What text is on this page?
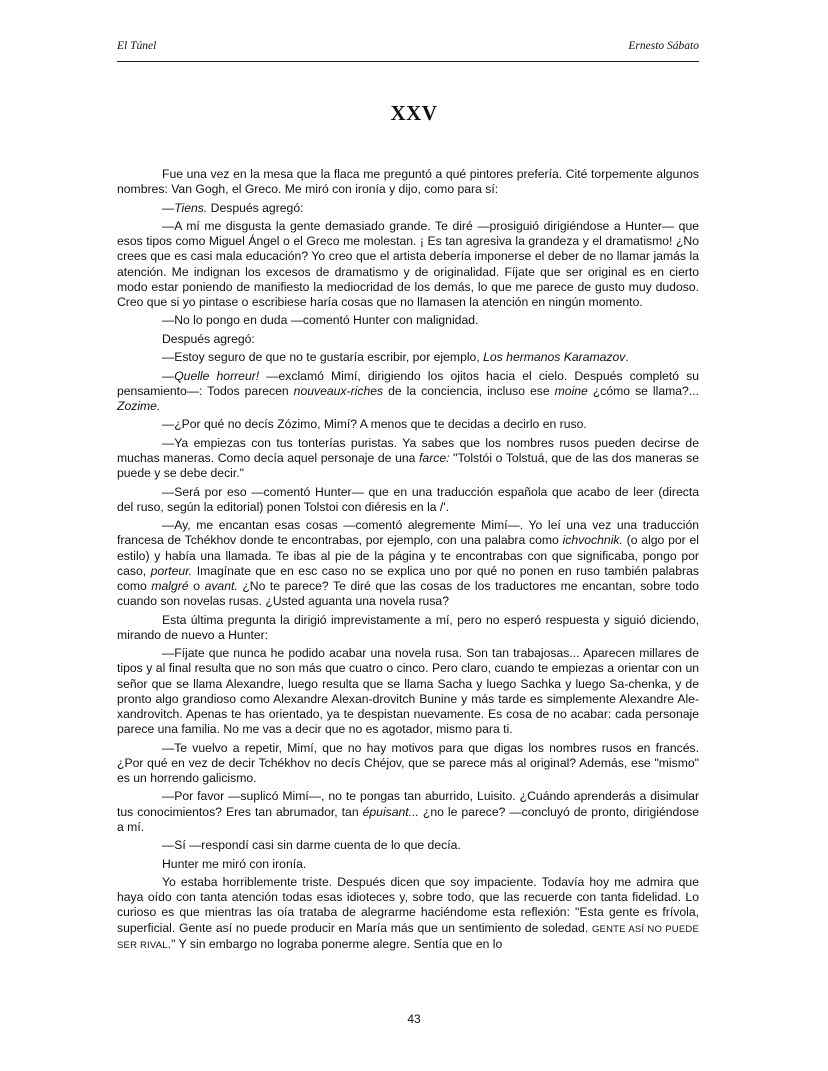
El Túnel	Ernesto Sábato
XXV

Fue una vez en la mesa que la flaca me preguntó a qué pintores prefería. Cité torpemente algunos nombres: Van Gogh, el Greco. Me miró con ironía y dijo, como para sí:

—Tiens. Después agregó:

—A mí me disgusta la gente demasiado grande. Te diré —prosiguió dirigiéndose a Hunter— que esos tipos como Miguel Ángel o el Greco me molestan. ¡ Es tan agresiva la grandeza y el dramatismo! ¿No crees que es casi mala educación? Yo creo que el artista debería imponerse el deber de no llamar jamás la atención. Me indignan los excesos de dramatismo y de originalidad. Fíjate que ser original es en cierto modo estar poniendo de manifiesto la mediocridad de los demás, lo que me parece de gusto muy dudoso. Creo que si yo pintase o escribiese haría cosas que no llamasen la atención en ningún momento.

—No lo pongo en duda —comentó Hunter con malignidad.

Después agregó:

—Estoy seguro de que no te gustaría escribir, por ejemplo, Los hermanos Karamazov.

—Quelle horreur! —exclamó Mimí, dirigiendo los ojitos hacia el cielo. Después completó su pensamiento—: Todos parecen nouveaux-riches de la conciencia, incluso ese moine ¿cómo se llama?... Zozime.

—¿Por qué no decís Zózimo, Mimí? A menos que te decidas a decirlo en ruso.

—Ya empiezas con tus tonterías puristas. Ya sabes que los nombres rusos pueden decirse de muchas maneras. Como decía aquel personaje de una farce: "Tolstói o Tolstuá, que de las dos maneras se puede y se debe decir."

—Será por eso —comentó Hunter— que en una traducción española que acabo de leer (directa del ruso, según la editorial) ponen Tolstoi con diéresis en la /'.

—Ay, me encantan esas cosas —comentó alegremente Mimí—. Yo leí una vez una traducción francesa de Tchékhov donde te encontrabas, por ejemplo, con una palabra como ichvochnik. (o algo por el estilo) y había una llamada. Te ibas al pie de la página y te encontrabas con que significaba, pongo por caso, porteur. Imagínate que en esc caso no se explica uno por qué no ponen en ruso también palabras como malgré o avant. ¿No te parece? Te diré que las cosas de los traductores me encantan, sobre todo cuando son novelas rusas. ¿Usted aguanta una novela rusa?

Esta última pregunta la dirigió imprevistamente a mí, pero no esperó respuesta y siguió diciendo, mirando de nuevo a Hunter:

—Fíjate que nunca he podido acabar una novela rusa. Son tan trabajosas... Aparecen millares de tipos y al final resulta que no son más que cuatro o cinco. Pero claro, cuando te empiezas a orientar con un señor que se llama Alexandre, luego resulta que se llama Sacha y luego Sachka y luego Sa-chenka, y de pronto algo grandioso como Alexandre Alexan-drovitch Bunine y más tarde es simplemente Alexandre Ale-xandrovitch. Apenas te has orientado, ya te despistan nuevamente. Es cosa de no acabar: cada personaje parece una familia. No me vas a decir que no es agotador, mismo para ti.

—Te vuelvo a repetir, Mimí, que no hay motivos para que digas los nombres rusos en francés. ¿Por qué en vez de decir Tchékhov no decís Chéjov, que se parece más al original? Además, ese "mismo" es un horrendo galicismo.

—Por favor —suplicó Mimí—, no te pongas tan aburrido, Luisito. ¿Cuándo aprenderás a disimular tus conocimientos? Eres tan abrumador, tan épuisant... ¿no le parece? —concluyó de pronto, dirigiéndose a mí.

—Sí —respondí casi sin darme cuenta de lo que decía.

Hunter me miró con ironía.

Yo estaba horriblemente triste. Después dicen que soy impaciente. Todavía hoy me admira que haya oído con tanta atención todas esas idioteces y, sobre todo, que las recuerde con tanta fidelidad. Lo curioso es que mientras las oía trataba de alegrarme haciéndome esta reflexión: "Esta gente es frívola, superficial. Gente así no puede producir en María más que un sentimiento de soledad. GENTE ASÍ NO PUEDE SER RIVAL." Y sin embargo no lograba ponerme alegre. Sentía que en lo

43
